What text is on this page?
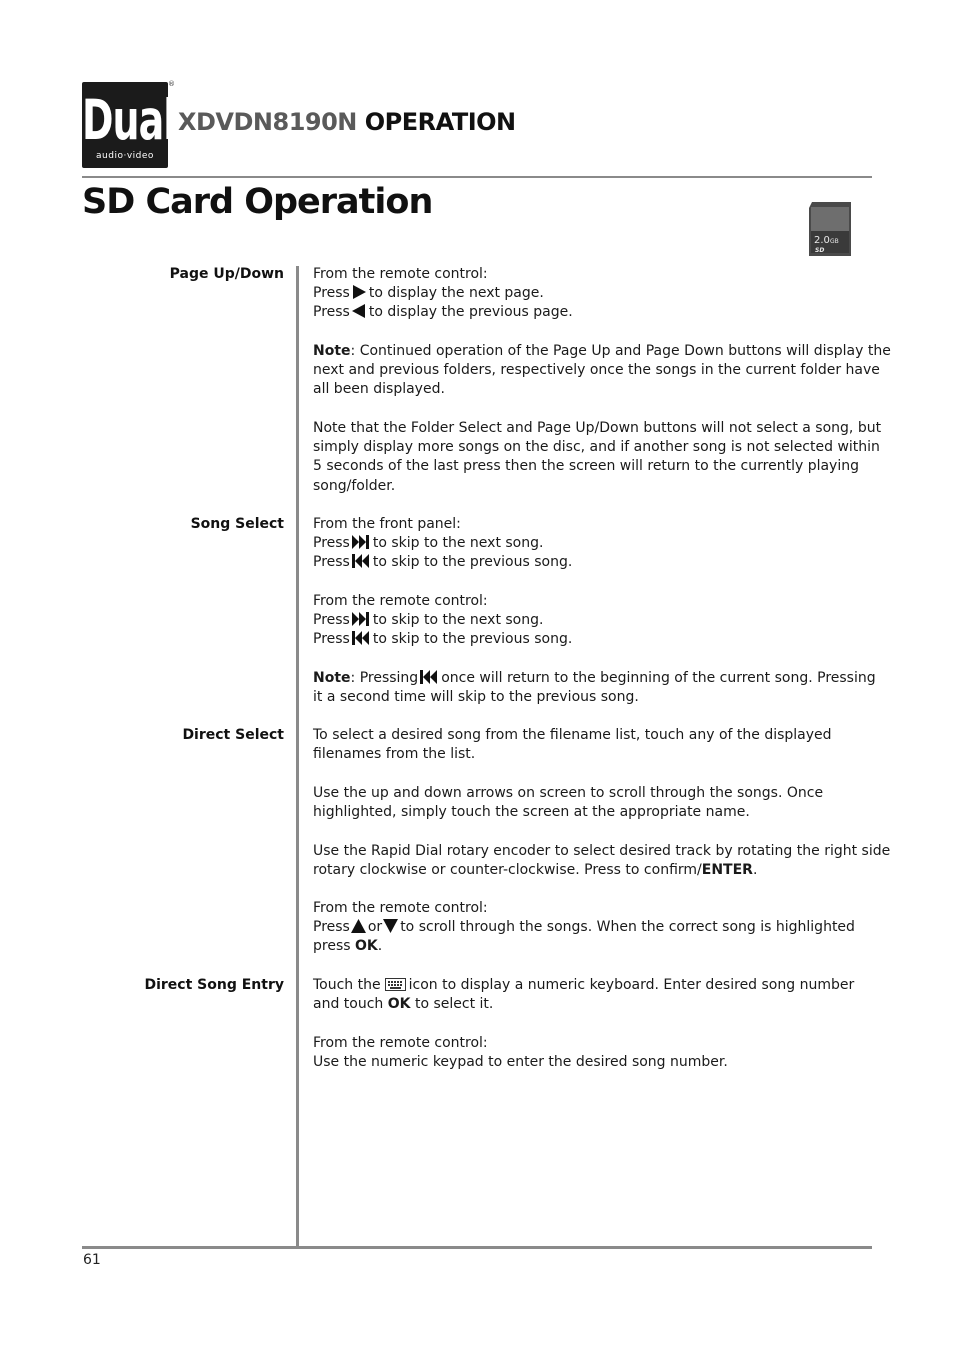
Dual
audio·video
®
XDVDN8190N OPERATION
SD Card Operation
2.0 GB
SD
61
Page Up/Down From the remote control:
Press to display the next page.
Press to display the previous page.
Note: Continued operation of the Page Up and Page Down buttons will display the
next and previous folders, respectively once the songs in the current folder have
all been displayed.
Note that the Folder Select and Page Up/Down buttons will not select a song, but
simply display more songs on the disc, and if another song is not selected within
5 seconds of the last press then the screen will return to the currently playing
song/folder.
Song Select From the front panel:
Press to skip to the next song.
Press to skip to the previous song.
From the remote control:
Press to skip to the next song.
Press to skip to the previous song.
Note: Pressing once will return to the beginning of the current song. Pressing
it a second time will skip to the previous song.
Direct Select To select a desired song from the filename list, touch any of the displayed
filenames from the list.
Use the up and down arrows on screen to scroll through the songs. Once
highlighted, simply touch the screen at the appropriate name.
Use the Rapid Dial rotary encoder to select desired track by rotating the right side
rotary clockwise or counter-clockwise. Press to confirm/ENTER.
From the remote control:
Press or to scroll through the songs. When the correct song is highlighted
press OK.
Direct Song Entry Touch the icon to display a numeric keyboard. Enter desired song number
and touch OK to select it.
From the remote control:
Use the numeric keypad to enter the desired song number.
